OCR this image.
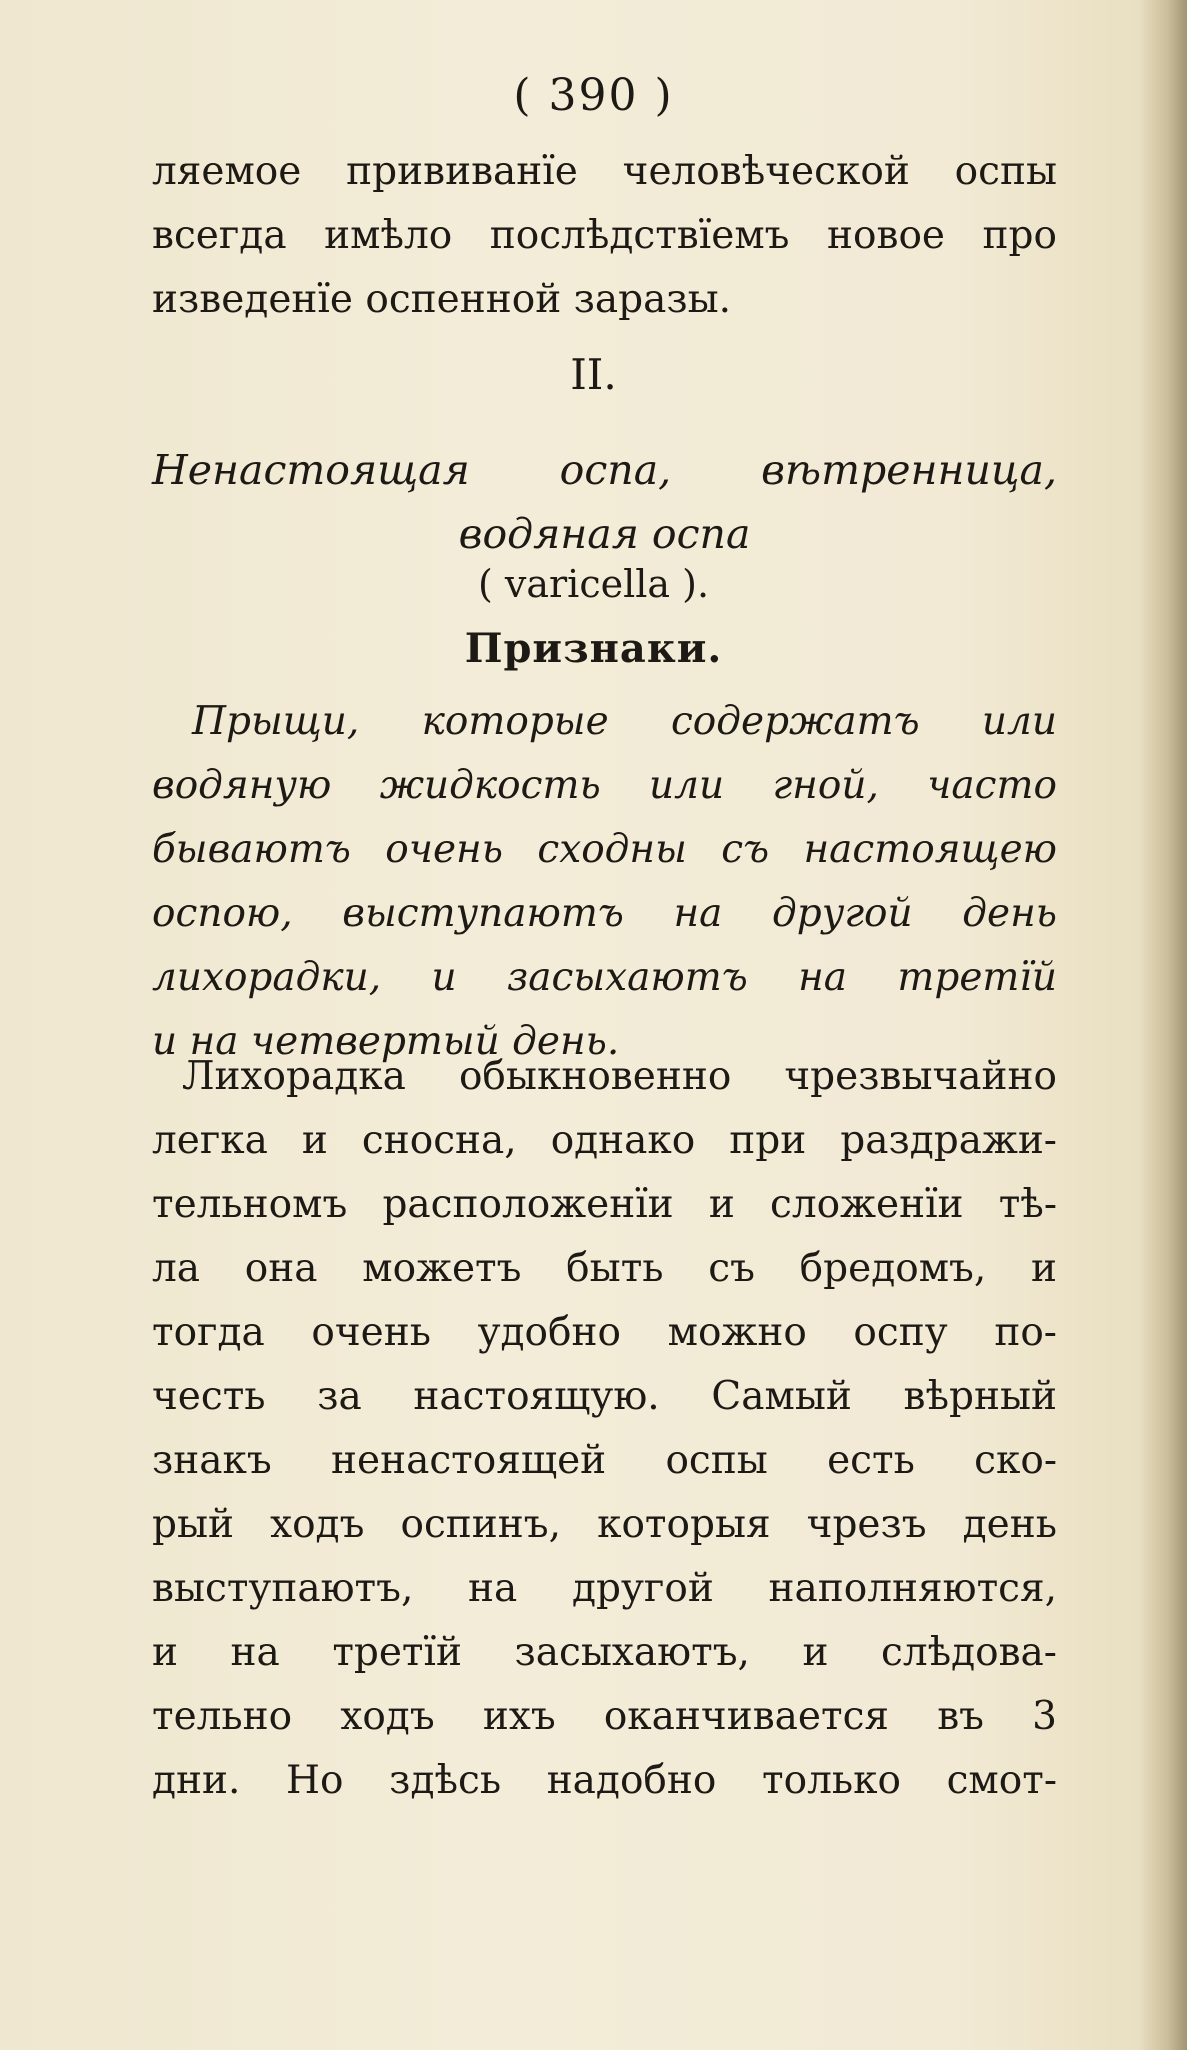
( 390 )
ляемое прививанїе человѣческой оспы
всегда имѣло послѣдствїемъ новое про
изведенїе оспенной заразы.
II.
Ненастоящая оспа, вѣтренница,
водяная оспа
( varicella ).
Признаки.
Прыщи, которые содержатъ или
водяную жидкость или гной, часто
бываютъ очень сходны съ настоящею
оспою, выступаютъ на другой день
лихорадки, и засыхаютъ на третїй
и на четвертый день.
Лихорадка обыкновенно чрезвычайно
легка и сносна, однако при раздражи-
тельномъ расположенїи и сложенїи тѣ-
ла она можетъ быть съ бредомъ, и
тогда очень удобно можно оспу по-
честь за настоящую. Самый вѣрный
знакъ ненастоящей оспы есть ско-
рый ходъ оспинъ, которыя чрезъ день
выступаютъ, на другой наполняются,
и на третїй засыхаютъ, и слѣдова-
тельно ходъ ихъ оканчивается въ 3
дни. Но здѣсь надобно только смот-
